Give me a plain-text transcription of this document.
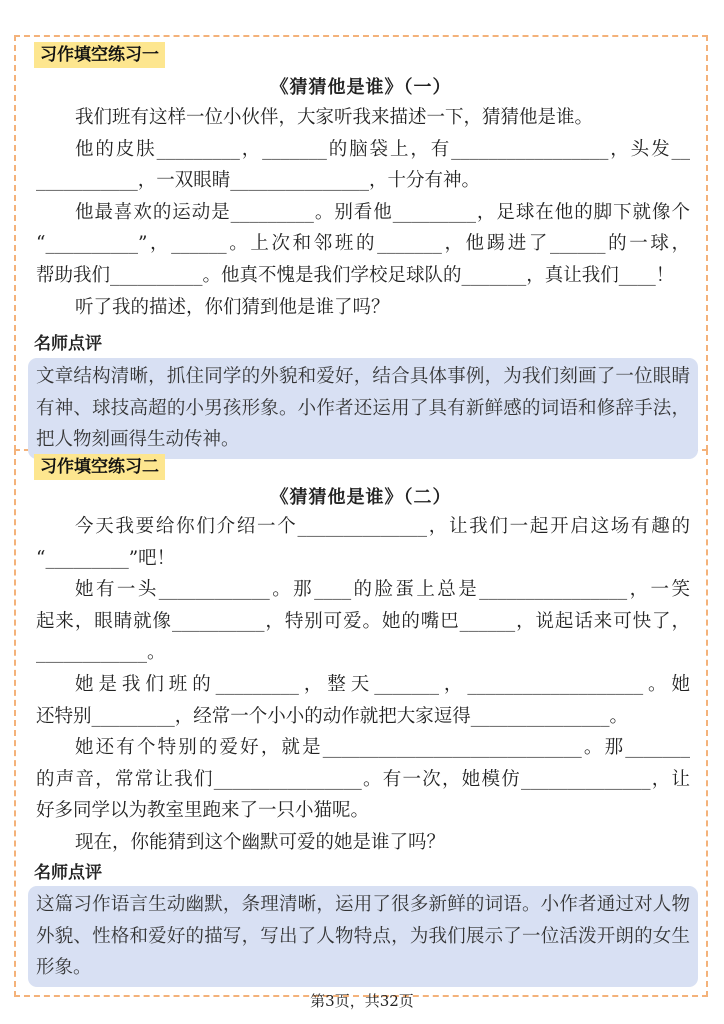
习作填空练习一
《猜猜他是谁》（一）
我们班有这样一位小伙伴，大家听我来描述一下，猜猜他是谁。
他的皮肤_________，_______的脑袋上，有_________________，头发__
___________，一双眼睛_______________，十分有神。
他最喜欢的运动是_________。别看他_________，足球在他的脚下就像个
“__________”，______。上次和邻班的_______，他踢进了______的一球，
帮助我们__________。他真不愧是我们学校足球队的_______，真让我们____！
听了我的描述，你们猜到他是谁了吗？
名师点评
文章结构清晰，抓住同学的外貌和爱好，结合具体事例，为我们刻画了一位眼睛有神、球技高超的小男孩形象。小作者还运用了具有新鲜感的词语和修辞手法，把人物刻画得生动传神。
习作填空练习二
《猜猜他是谁》（二）
今天我要给你们介绍一个______________，让我们一起开启这场有趣的
“_________”吧！
她有一头____________。那____的脸蛋上总是________________，一笑
起来，眼睛就像__________，特别可爱。她的嘴巴______，说起话来可快了，
____________。
她是我们班的_________，整天_______，___________________。她
还特别_________，经常一个小小的动作就把大家逗得_______________。
她还有个特别的爱好，就是____________________________。那_______
的声音，常常让我们________________。有一次，她模仿______________，让
好多同学以为教室里跑来了一只小猫呢。
现在，你能猜到这个幽默可爱的她是谁了吗？
名师点评
这篇习作语言生动幽默，条理清晰，运用了很多新鲜的词语。小作者通过对人物外貌、性格和爱好的描写，写出了人物特点，为我们展示了一位活泼开朗的女生形象。
第3页，共32页
